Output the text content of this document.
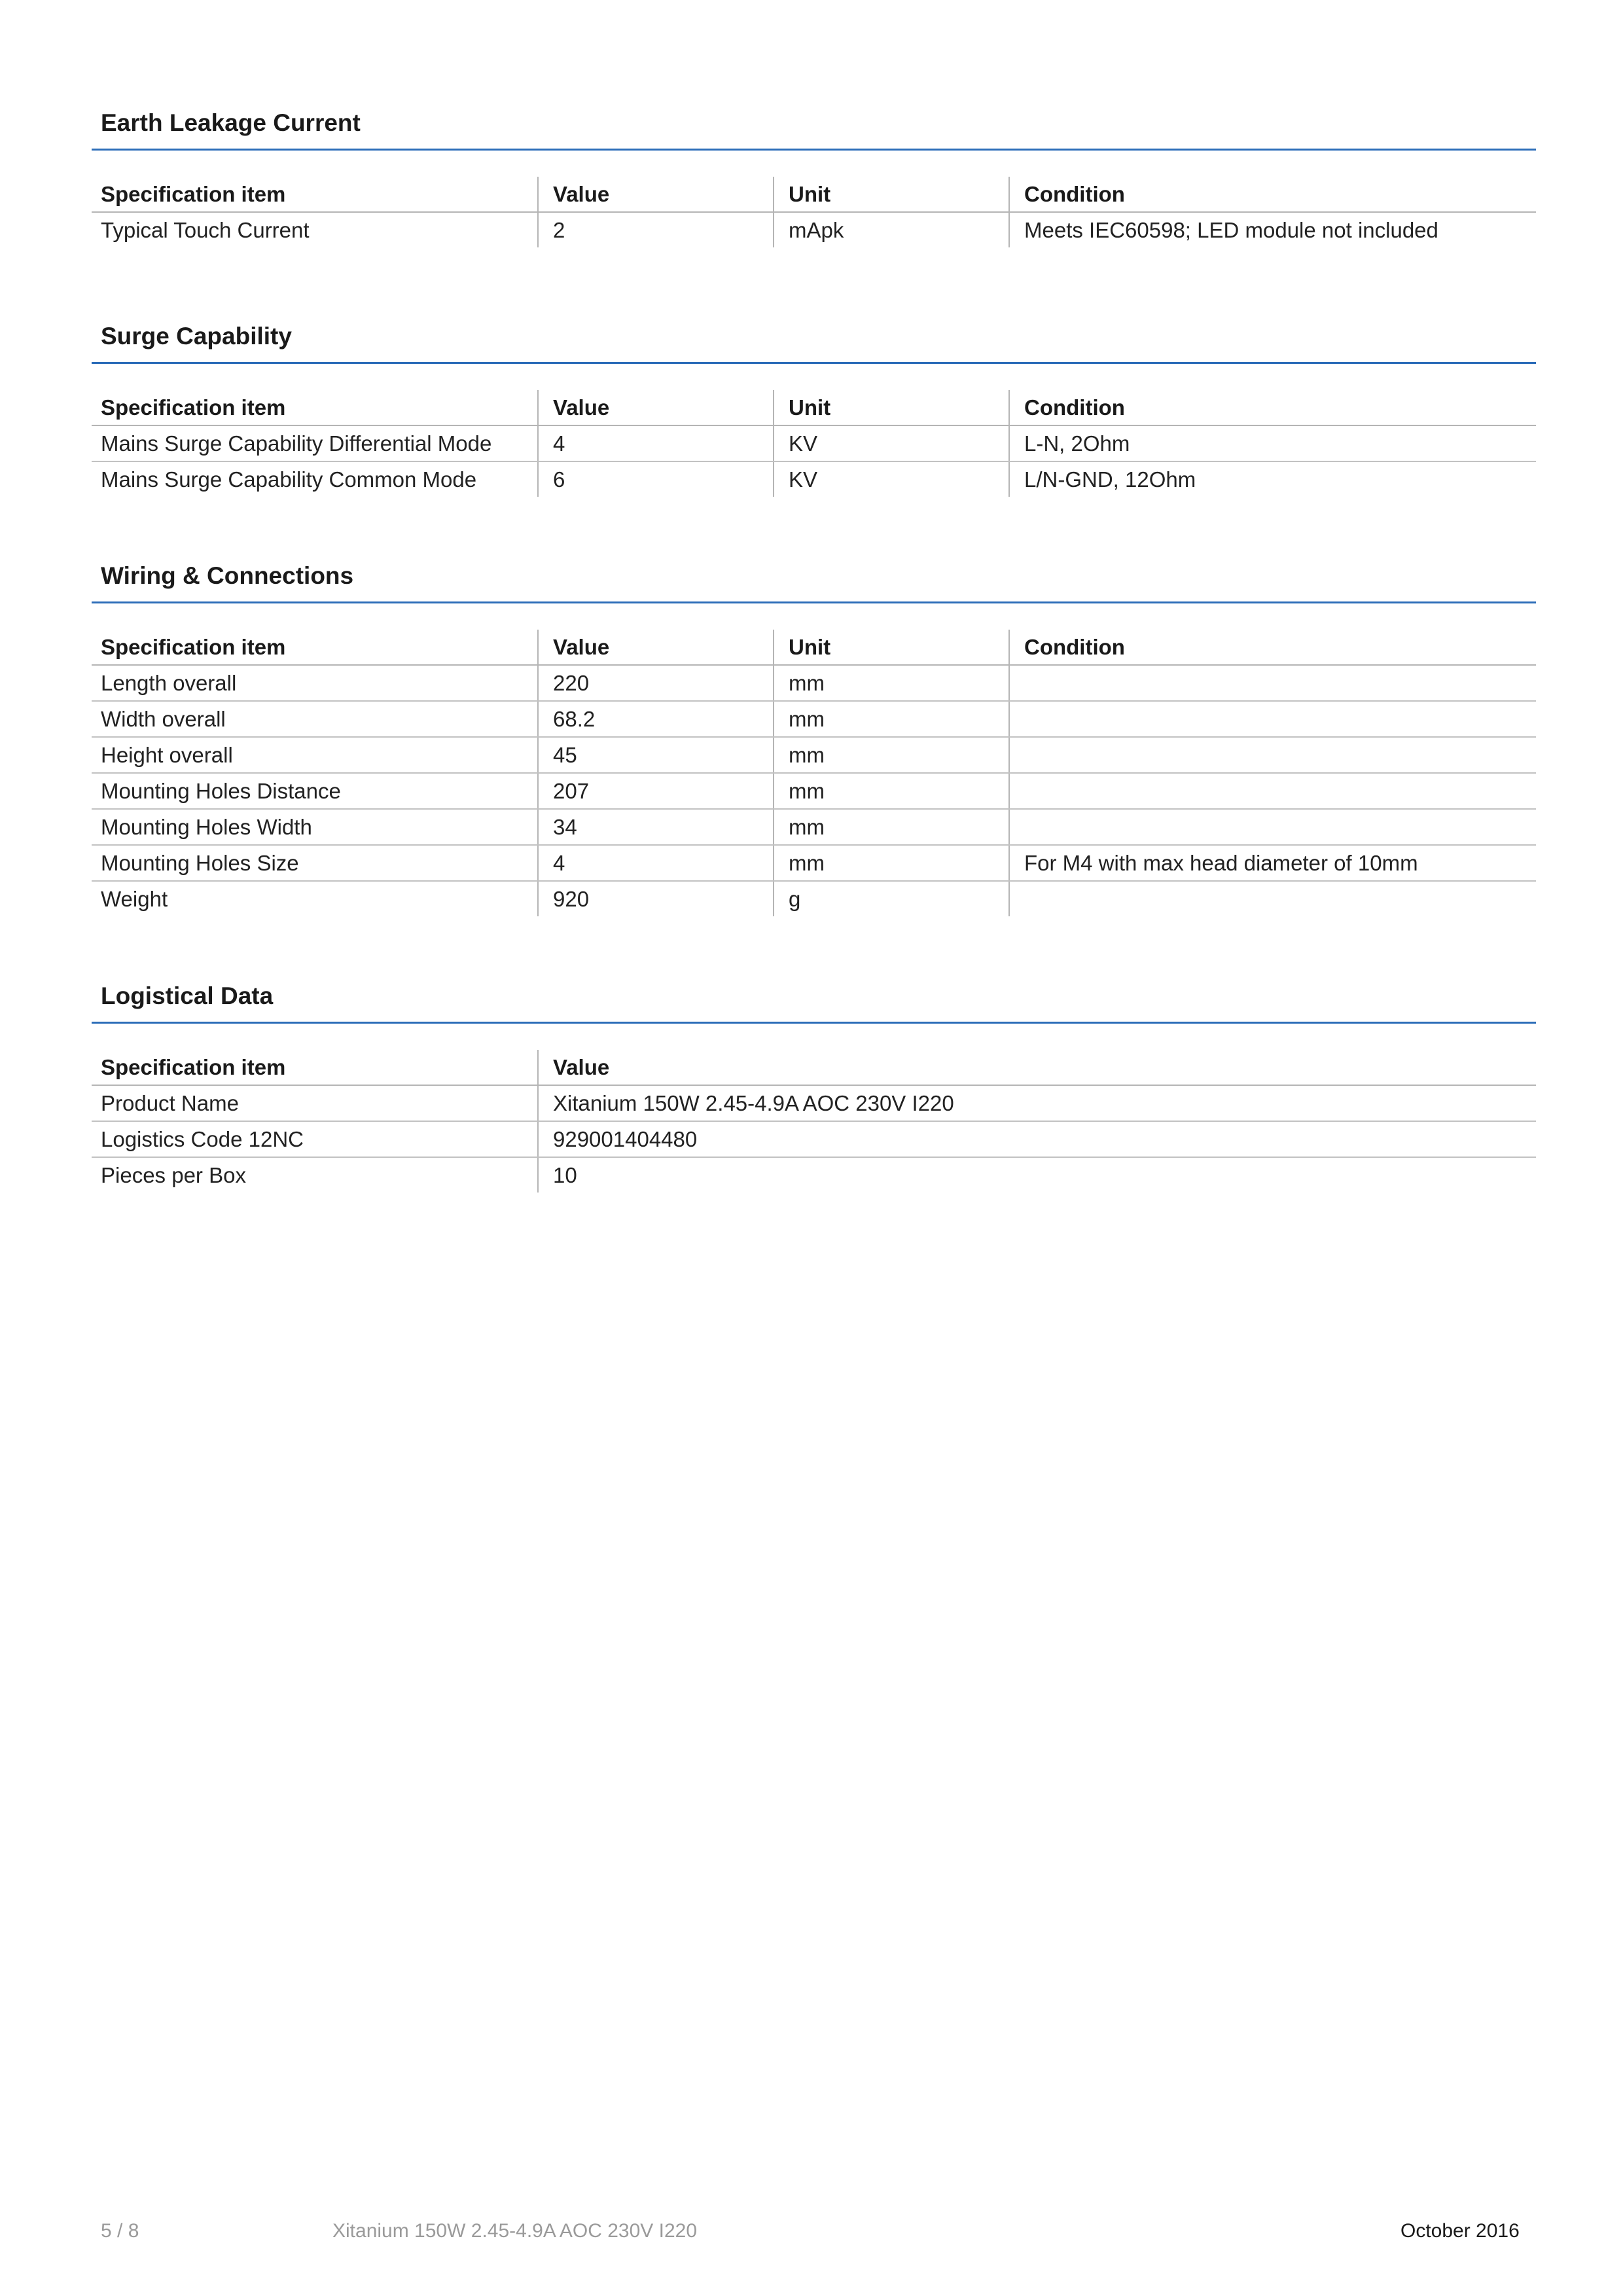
Earth Leakage Current
Specification item	Value	Unit	Condition
Typical Touch Current	2	mApk	Meets IEC60598; LED module not included
Surge Capability
Specification item	Value	Unit	Condition
Mains Surge Capability Differential Mode	4	KV	L-N, 2Ohm
Mains Surge Capability Common Mode	6	KV	L/N-GND, 12Ohm
Wiring & Connections
Specification item	Value	Unit	Condition
Length overall	220	mm	
Width overall	68.2	mm	
Height overall	45	mm	
Mounting Holes Distance	207	mm	
Mounting Holes Width	34	mm	
Mounting Holes Size	4	mm	For M4 with max head diameter of 10mm
Weight	920	g	
Logistical Data
Specification item	Value
Product Name	Xitanium 150W 2.45-4.9A AOC 230V I220
Logistics Code 12NC	929001404480
Pieces per Box	10
5 / 8	Xitanium 150W 2.45-4.9A AOC 230V I220	October 2016
